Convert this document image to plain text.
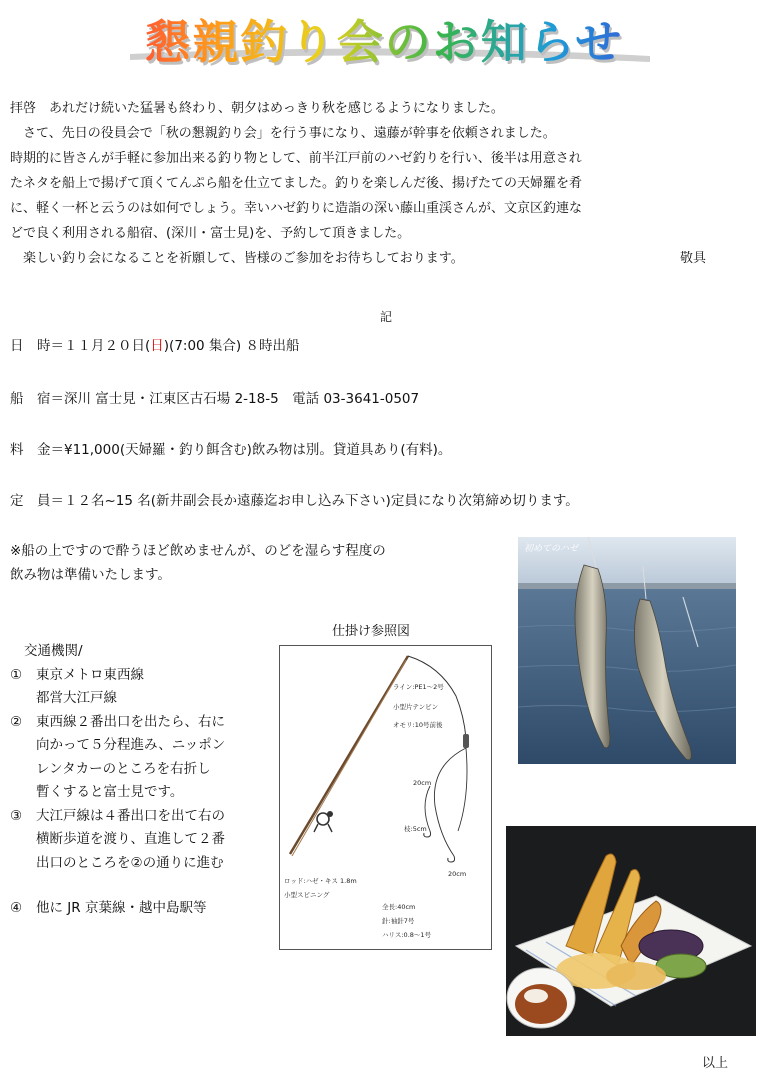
懇親釣り会のお知らせ
拝啓　あれだけ続いた猛暑も終わり、朝夕はめっきり秋を感じるようになりました。
　さて、先日の役員会で「秋の懇親釣り会」を行う事になり、遠藤が幹事を依頼されました。
時期的に皆さんが手軽に参加出来る釣り物として、前半江戸前のハゼ釣りを行い、後半は用意され
たネタを船上で揚げて頂くてんぷら船を仕立てました。釣りを楽しんだ後、揚げたての天婦羅を肴
に、軽く一杯と云うのは如何でしょう。幸いハゼ釣りに造詣の深い藤山重渓さんが、文京区釣連な
どで良く利用される船宿、(深川・富士見)を、予約して頂きました。
　楽しい釣り会になることを祈願して、皆様のご参加をお待ちしております。	敬具
記
日　時＝１１月２０日(日)(7:00 集合) ８時出船
船　宿＝深川 富士見・江東区古石場 2-18-5　電話 03-3641-0507
料　金＝¥11,000(天婦羅・釣り餌含む)飲み物は別。貸道具あり(有料)。
定　員＝１２名~15 名(新井副会長か遠藤迄お申し込み下さい)定員になり次第締め切ります。
※船の上ですので酔うほど飲めませんが、のどを湿らす程度の
飲み物は準備いたします。
交通機関/
①	東京メトロ東西線
都営大江戸線
②	東西線２番出口を出たら、右に
向かって５分程進み、ニッポン
レンタカーのところを右折し
暫くすると富士見です。
③	大江戸線は４番出口を出て右の
横断歩道を渡り、直進して２番
出口のところを②の通りに進む
④	他に JR 京葉線・越中島駅等
仕掛け参照図
ライン:PE1～2号
小型片テンビン
オモリ:10号前後
20cm
枝:5cm
20cm
ロッド:ハゼ・キス 1.8m
小型スピニング
全長:40cm
針:袖針7号
ハリス:0.8～1号
初めてのハゼ
以上
